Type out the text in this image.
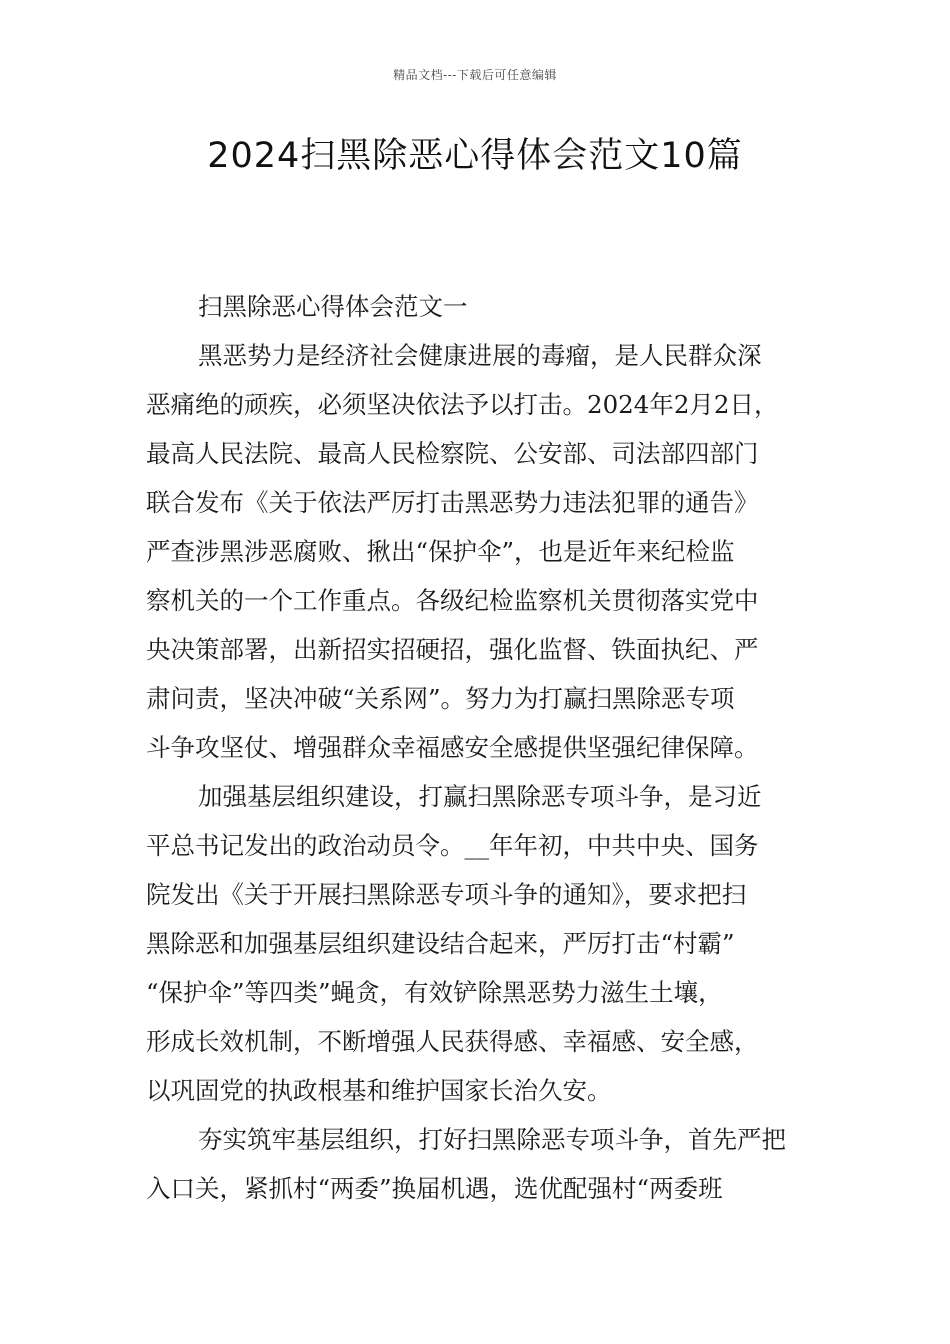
精品文档---下载后可任意编辑
2024扫黑除恶心得体会范文10篇
扫黑除恶心得体会范文一
黑恶势力是经济社会健康进展的毒瘤，是人民群众深
恶痛绝的顽疾，必须坚决依法予以打击。2024年2月2日，
最高人民法院、最高人民检察院、公安部、司法部四部门
联合发布《关于依法严厉打击黑恶势力违法犯罪的通告》
严查涉黑涉恶腐败、揪出“保护伞”，也是近年来纪检监
察机关的一个工作重点。各级纪检监察机关贯彻落实党中
央决策部署，出新招实招硬招，强化监督、铁面执纪、严
肃问责，坚决冲破“关系网”。努力为打赢扫黑除恶专项
斗争攻坚仗、增强群众幸福感安全感提供坚强纪律保障。
加强基层组织建设，打赢扫黑除恶专项斗争，是习近
平总书记发出的政治动员令。__年年初，中共中央、国务
院发出《关于开展扫黑除恶专项斗争的通知》，要求把扫
黑除恶和加强基层组织建设结合起来，严厉打击“村霸”
“保护伞”等四类”蝇贪，有效铲除黑恶势力滋生土壤，
形成长效机制，不断增强人民获得感、幸福感、安全感，
以巩固党的执政根基和维护国家长治久安。
夯实筑牢基层组织，打好扫黑除恶专项斗争，首先严把
入口关，紧抓村“两委”换届机遇，选优配强村“两委班
